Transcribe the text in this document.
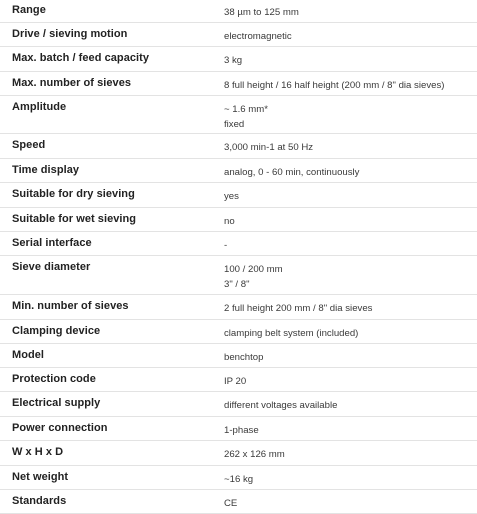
Range	38 µm to 125 mm
Drive / sieving motion	electromagnetic
Max. batch / feed capacity	3 kg
Max. number of sieves	8 full height / 16 half height (200 mm / 8" dia sieves)
Amplitude	~ 1.6 mm*
fixed
Speed	3,000 min-1 at 50 Hz
Time display	analog, 0 - 60 min, continuously
Suitable for dry sieving	yes
Suitable for wet sieving	no
Serial interface	-
Sieve diameter	100 / 200 mm
3" / 8"
Min. number of sieves	2 full height 200 mm / 8" dia sieves
Clamping device	clamping belt system (included)
Model	benchtop
Protection code	IP 20
Electrical supply	different voltages available
Power connection	1-phase
W x H x D	262 x 126 mm
Net weight	~16 kg
Standards	CE
